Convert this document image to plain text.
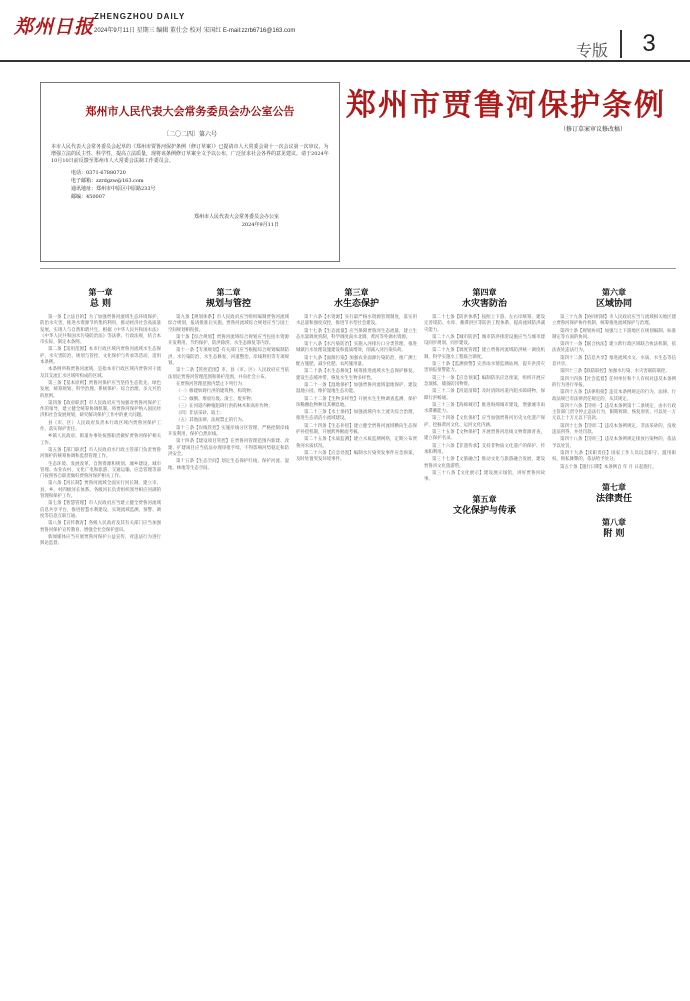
郑州日报 ZHENGZHOU DAILY
2024年9月11日 星期三 编辑 董仕会 校对 宋国红 E-mail:zzrb6716@163.com
专版	3
郑州市人民代表大会常务委员会办公室公告
〔二〇二四〕第六号
本市人民代表大会常务委员会起草的《郑州市贾鲁河保护条例（修订草案）》已提请市人大常委会第十一次会议第一次审议。为增强立法的民主性、科学性，提高立法质量，现将该条例修订草案全文予以公布，广泛征求社会各界的意见建议。请于2024年10月10日前反馈至郑州市人大常委会法制工作委员会。
电话：0371-67880720
电子邮箱：zzrdgzw@163.com
通讯地址：郑州市中原区中原路233号
邮编：450007
郑州市人民代表大会常务委员会办公室
2024年9月11日
郑州市贾鲁河保护条例
（修订草案审议修改稿）
第一章
总 则
第一条【立法目的】为了加强贾鲁河流域生态环境保护，防治水灾害，推进水资源节约集约利用，推动经济社会高质量发展，实现人与自然和谐共生，根据《中华人民共和国水法》《中华人民共和国水污染防治法》等法律、行政法规，结合本市实际，制定本条例。
第二条【适用范围】本市行政区域内贾鲁河流域水生态保护、水灾害防治、规划与管控、文化保护与传承等活动，适用本条例。
本条例所称贾鲁河流域，是指本市行政区域内贾鲁河干流及其支流汇水区域所构成的区域。
第三条【基本原则】贾鲁河保护应当坚持生态优先、绿色发展，统筹规划、科学治理、系统保护、综合治理、多元共治的原则。
第四条【政府职责】市人民政府应当加强对贾鲁河保护工作的领导，建立健全统筹协调机制，将贾鲁河保护纳入国民经济和社会发展规划，研究解决保护工作中的重大问题。
县（市、区）人民政府负责本行政区域内贾鲁河保护工作，落实保护责任。
乡镇人民政府、街道办事处按照职责做好贾鲁河保护相关工作。
第五条【部门职责】市人民政府水行政主管部门负责贾鲁河保护的统筹协调和监督管理工作。
生态环境、发展改革、自然资源和规划、城乡建设、城市管理、农业农村、文化广电和旅游、交通运输、应急管理等部门按照各自职责做好贾鲁河保护相关工作。
第六条【河长制】贾鲁河流域全面实行河长制，建立市、县、乡、村四级河长体系。各级河长负责组织领导相应河湖的管理和保护工作。
第七条【智慧管理】市人民政府应当建立健全贾鲁河流域信息共享平台，推进智慧水利建设，实现流域监测、预警、调度等信息互联互通。
第八条【宣传教育】各级人民政府及其有关部门应当加强贾鲁河保护宣传教育，增强全社会保护意识。
新闻媒体应当开展贾鲁河保护公益宣传，对违法行为进行舆论监督。
第二章
规划与管控
第九条【规划体系】市人民政府应当组织编制贾鲁河流域综合规划，报请批准后实施。贾鲁河流域综合规划应当与国土空间规划相衔接。
第十条【综合规划】贾鲁河流域综合规划应当包括水资源开发利用、节约保护、防洪除涝、水生态修复等内容。
第十一条【专项规划】有关部门应当根据综合规划编制防洪、水污染防治、水生态修复、河道整治、岸线利用等专项规划。
第十二条【管控范围】市、县（市、区）人民政府应当依法划定贾鲁河管理范围和保护范围，并向社会公布。
在贾鲁河管理范围内禁止下列行为：
（一）修建妨碍行洪的建筑物、构筑物；
（二）倾倒、堆放垃圾、渣土、废弃物；
（三）在河道内种植阻碍行洪的林木和高秆作物；
（四）非法采砂、取土；
（五）其他法律、法规禁止的行为。
第十三条【岸线管控】实施岸线分区管理，严格控制岸线开发利用，保护自然岸线。
第十四条【建设项目管控】在贾鲁河管理范围内新建、改建、扩建项目应当依法办理审批手续，不得影响河势稳定和防洪安全。
第十五条【生态空间】划定生态保护红线，保护河流、湿地、林地等生态空间。
第三章
水生态保护
第十六条【水资源】实行最严格水资源管理制度，落实用水总量和强度双控，推进节水型社会建设。
第十七条【生态流量】应当保障贾鲁河生态流量，建立生态水量调度机制，科学调度南水北调、黄河等外调水资源。
第十八条【水污染防治】实施入河排污口分类管理，推进城镇污水处理设施建设和提质增效，削减入河污染负荷。
第十九条【面源污染】加强农业面源污染防治，推广测土配方施肥，减少化肥、农药施用量。
第二十条【水生态修复】统筹推进流域水生态保护修复，建设生态缓冲带，恢复水生生物多样性。
第二十一条【湿地保护】加强贾鲁河流域湿地保护，建设湿地公园，维护湿地生态功能。
第二十二条【生物多样性】开展水生生物调查监测，保护珍稀濒危物种及其栖息地。
第二十三条【水土保持】加强流域内水土流失综合治理，推进生态清洁小流域建设。
第二十四条【生态补偿】建立健全贾鲁河流域横向生态保护补偿机制，开展跨界断面考核。
第二十五条【水质监测】建立水质监测网络，定期公布贾鲁河水质状况。
第二十六条【应急处置】编制水污染突发事件应急预案，及时处置突发环境事件。
第四章
水灾害防治
第二十七条【防洪体系】按照上下游、左右岸统筹，建设完善堤防、水库、蓄滞洪区等防洪工程体系，提高流域防洪减灾能力。
第二十八条【城市防洪】城市防洪排涝设施应当与城市建设同步规划、同步建设。
第二十九条【调度管理】建立贾鲁河流域防洪统一调度机制，科学实施水工程联合调度。
第三十条【监测预警】完善雨水情监测站网，提升洪涝灾害预报预警能力。
第三十一条【应急预案】编制防汛应急预案，组织开展应急演练，储备防汛物资。
第三十二条【河道清障】及时清除河道内阻水障碍物，保障行洪畅通。
第三十三条【海绵城市】推进海绵城市建设，增强城市雨水滞蓄能力。
第三十四条【文化保护】应当加强贾鲁河历史文化遗产保护，挖掘黄河文化、运河文化内涵。
第三十五条【文物保护】开展贾鲁河沿线文物资源普查，建立保护名录。
第三十六条【非遗传承】支持非物质文化遗产的保护、传承和利用。
第三十七条【文旅融合】推动文化与旅游融合发展，建设贾鲁河文化旅游带。
第三十八条【文化展示】建设展示场馆，讲好贾鲁河故事。
第五章
文化保护与传承
第六章
区域协同
第三十九条【协同机制】市人民政府应当与流域相关地区建立贾鲁河保护协作机制，统筹推进流域保护与治理。
第四十条【规划协同】加强与上下游地区在规划编制、标准制定等方面的协同。
第四十一条【联合执法】建立跨行政区域联合执法机制，依法查处违法行为。
第四十二条【信息共享】推进流域水文、水质、水生态等信息共享。
第四十三条【联防联控】加强水污染、水灾害联防联控。
第四十四条【社会监督】任何单位和个人有权对违反本条例的行为进行举报。
第四十五条【法律衔接】违反本条例规定的行为，法律、行政法规已有法律责任规定的，从其规定。
第四十六条【罚则一】违反本条例第十二条规定，由水行政主管部门责令停止违法行为，限期拆除，恢复原状，可以处一万元以上十万元以下罚款。
第四十七条【罚则二】违反本条例规定，非法采砂的，没收违法所得，并处罚款。
第四十八条【罚则三】违反本条例规定排放污染物的，依法予以处罚。
第四十九条【渎职责任】国家工作人员玩忽职守、滥用职权、徇私舞弊的，依法给予处分。
第五十条【施行日期】本条例自 年 月 日起施行。
第七章
法律责任
第八章
附 则
